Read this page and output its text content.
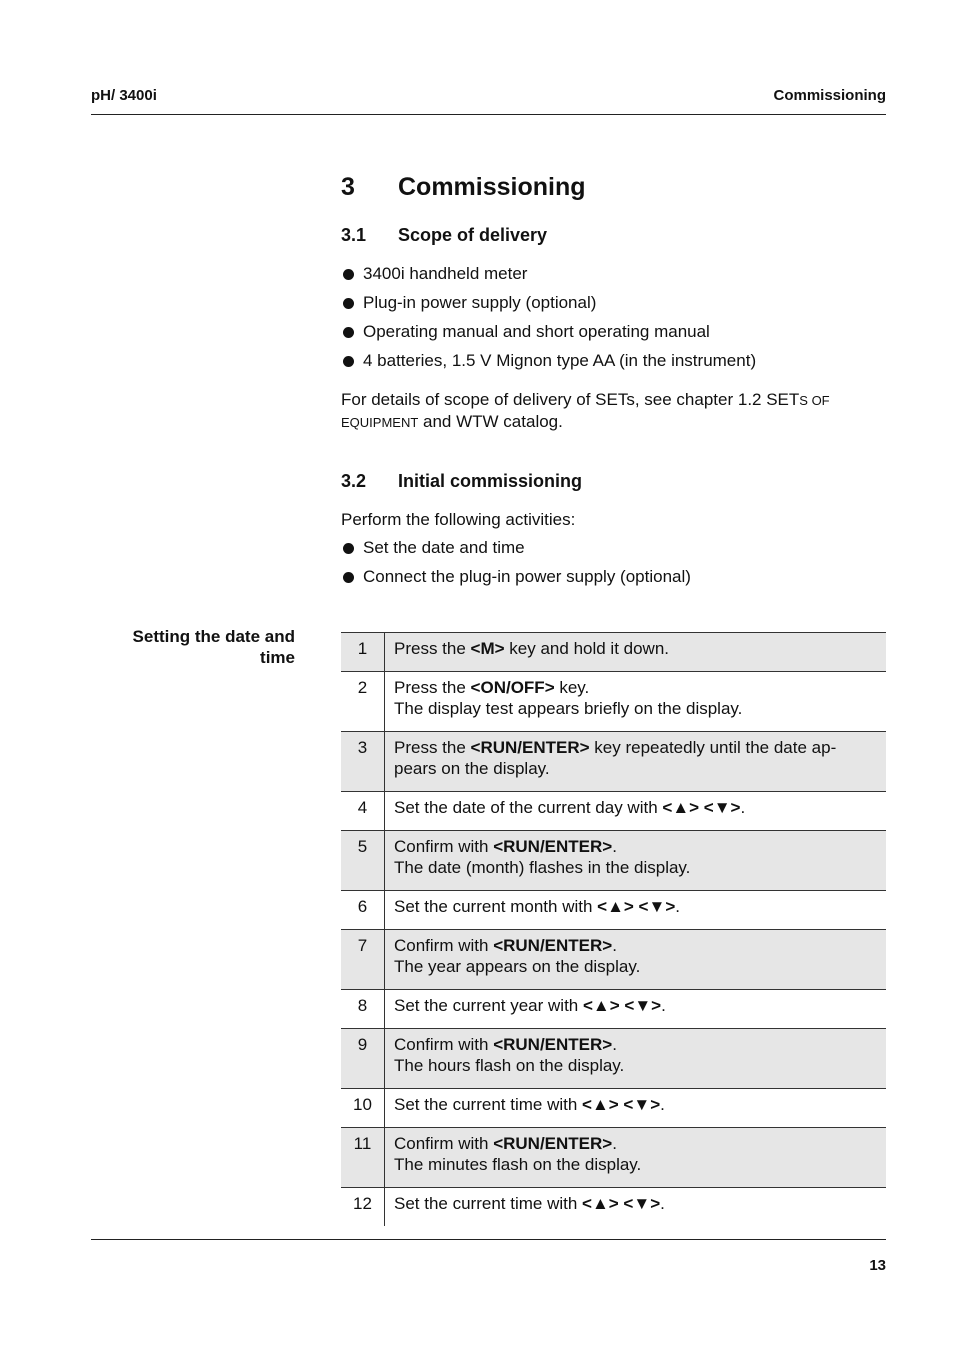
pH/ 3400i	Commissioning
3 Commissioning
3.1 Scope of delivery
3400i handheld meter
Plug-in power supply (optional)
Operating manual and short operating manual
4 batteries, 1.5 V Mignon type AA (in the instrument)
For details of scope of delivery of SETs, see chapter 1.2 SETS OF
EQUIPMENT and WTW catalog.
3.2 Initial commissioning
Perform the following activities:
Set the date and time
Connect the plug-in power supply (optional)
Setting the date and
time	1	Press the <M> key and hold it down.
2	Press the <ON/OFF> key.
The display test appears briefly on the display.
3	Press the <RUN/ENTER> key repeatedly until the date ap-
pears on the display.
4	Set the date of the current day with <▲> <▼>.
5	Confirm with <RUN/ENTER>.
The date (month) flashes in the display.
6	Set the current month with <▲> <▼>.
7	Confirm with <RUN/ENTER>.
The year appears on the display.
8	Set the current year with <▲> <▼>.
9	Confirm with <RUN/ENTER>.
The hours flash on the display.
10	Set the current time with <▲> <▼>.
11	Confirm with <RUN/ENTER>.
The minutes flash on the display.
12	Set the current time with <▲> <▼>.
13
